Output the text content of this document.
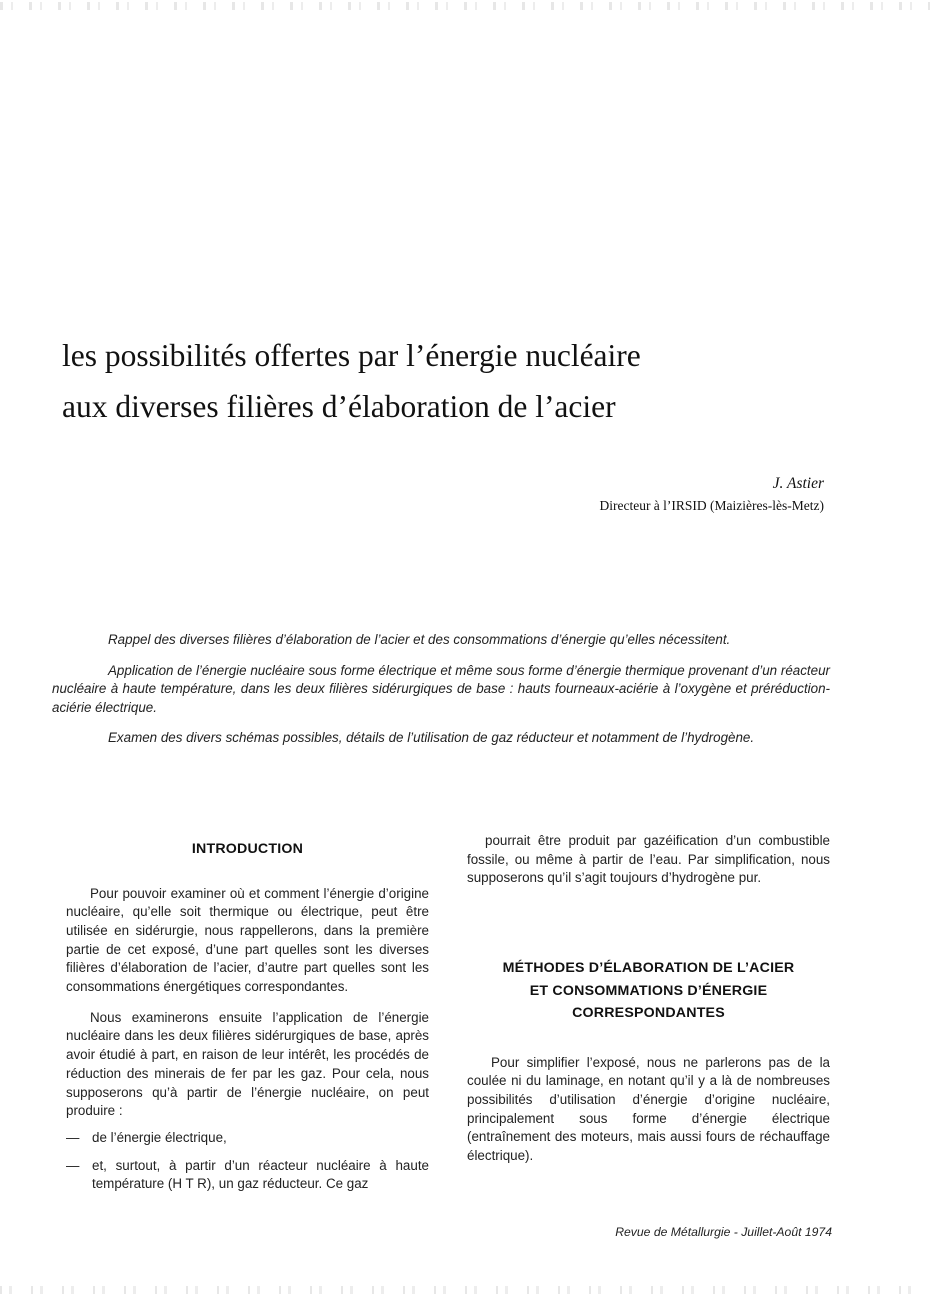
les possibilités offertes par l’énergie nucléaire
aux diverses filières d’élaboration de l’acier

J. Astier

Directeur à l’IRSID (Maizières-lès-Metz)

Rappel des diverses filières d’élaboration de l’acier et des consommations d’énergie qu’elles nécessitent.

Application de l’énergie nucléaire sous forme électrique et même sous forme d’énergie thermique provenant d’un réacteur nucléaire à haute température, dans les deux filières sidérurgiques de base : hauts fourneaux-aciérie à l’oxygène et préréduction-aciérie électrique.

Examen des divers schémas possibles, détails de l’utilisation de gaz réducteur et notamment de l’hydrogène.

INTRODUCTION

Pour pouvoir examiner où et comment l’énergie d’origine nucléaire, qu’elle soit thermique ou électrique, peut être utilisée en sidérurgie, nous rappellerons, dans la première partie de cet exposé, d’une part quelles sont les diverses filières d’élaboration de l’acier, d’autre part quelles sont les consommations énergétiques correspondantes.

Nous examinerons ensuite l’application de l’énergie nucléaire dans les deux filières sidérurgiques de base, après avoir étudié à part, en raison de leur intérêt, les procédés de réduction des minerais de fer par les gaz. Pour cela, nous supposerons qu’à partir de l’énergie nucléaire, on peut produire :

— de l’énergie électrique,
— et, surtout, à partir d’un réacteur nucléaire à haute température (H T R), un gaz réducteur. Ce gaz

pourrait être produit par gazéification d’un combustible fossile, ou même à partir de l’eau. Par simplification, nous supposerons qu’il s’agit toujours d’hydrogène pur.

MÉTHODES D’ÉLABORATION DE L’ACIER
ET CONSOMMATIONS D’ÉNERGIE
CORRESPONDANTES

Pour simplifier l’exposé, nous ne parlerons pas de la coulée ni du laminage, en notant qu’il y a là de nombreuses possibilités d’utilisation d’énergie d’origine nucléaire, principalement sous forme d’énergie électrique (entraînement des moteurs, mais aussi fours de réchauffage électrique).

Revue de Métallurgie - Juillet-Août 1974
